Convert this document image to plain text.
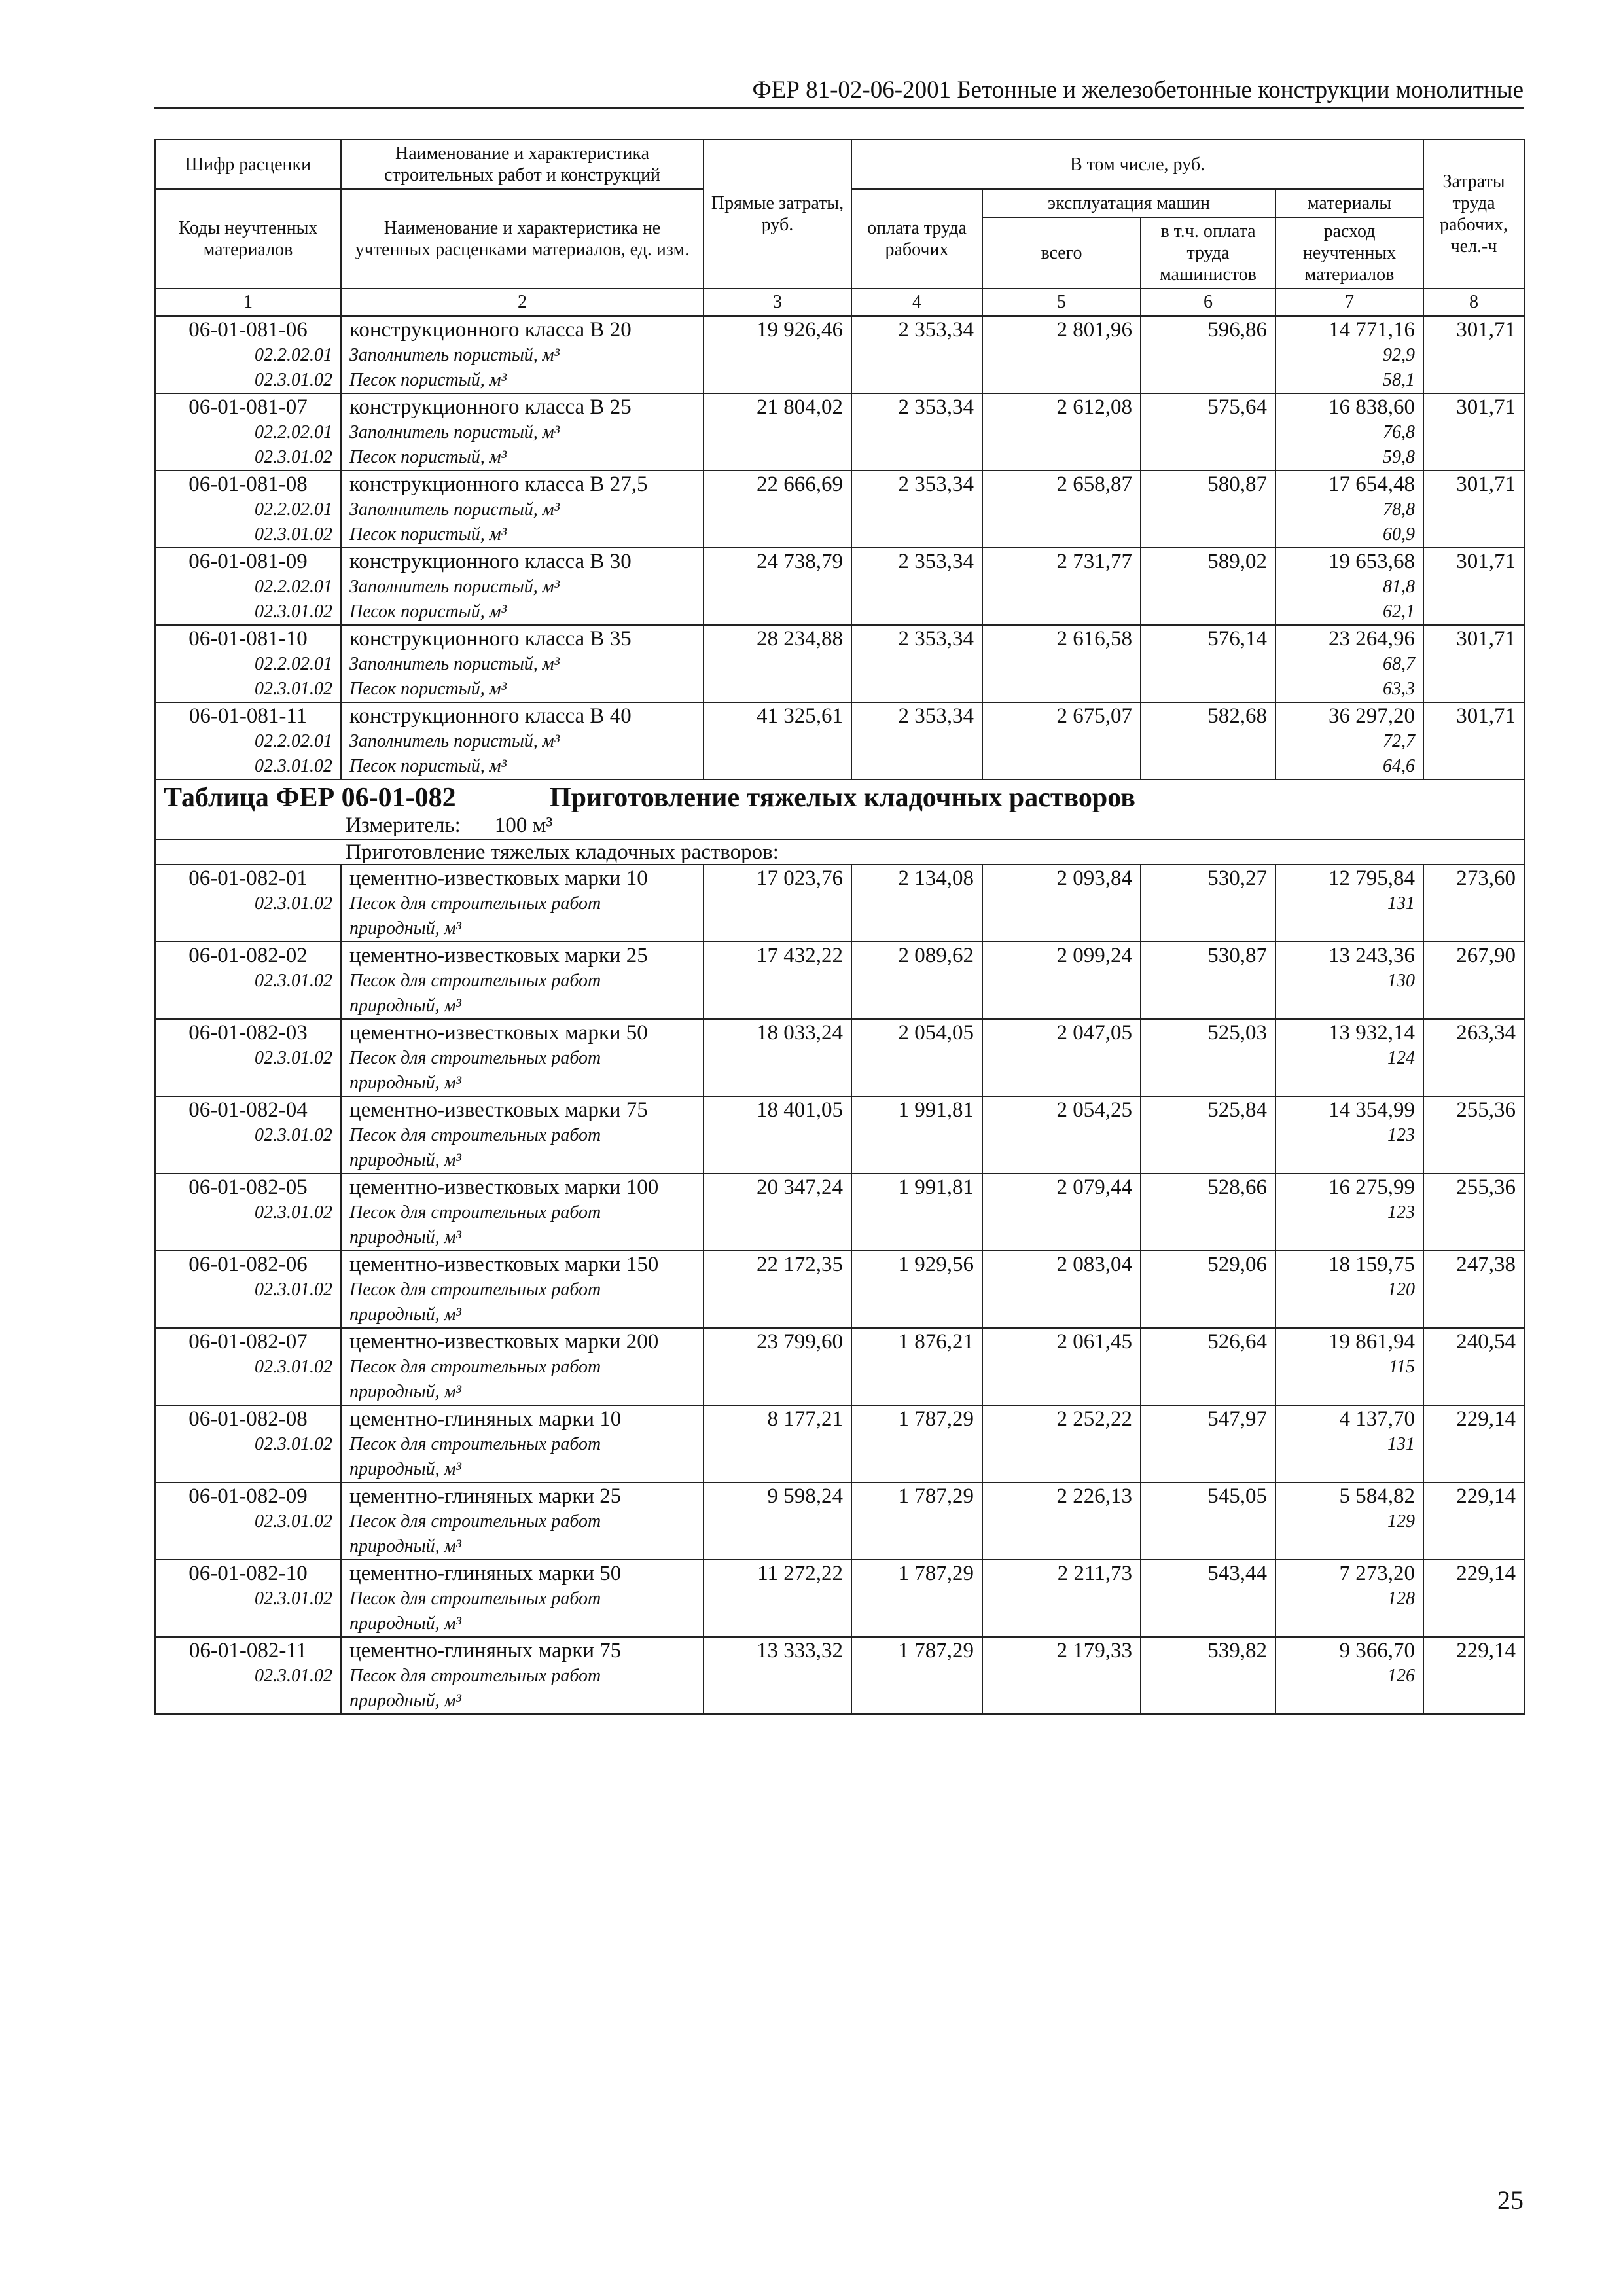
ФЕР 81-02-06-2001 Бетонные и железобетонные конструкции монолитные
Шифр расценки	Наименование и характеристика строительных работ и конструкций	Прямые затраты, руб.	В том числе, руб.				Затраты труда рабочих, чел.-ч
Коды неучтенных материалов	Наименование и характеристика не учтенных расценками материалов, ед. изм.						
			оплата труда рабочих	эксплуатация машин		материалы	
				всего	в т.ч. оплата труда машинистов	расход неучтенных материалов	
1	2	3	4	5	6	7	8
06-01-081-06	конструкционного класса В 20	19 926,46	2 353,34	2 801,96	596,86	14 771,16	301,71
02.2.02.01	Заполнитель пористый, м³					92,9	
02.3.01.02	Песок пористый, м³					58,1	
06-01-081-07	конструкционного класса В 25	21 804,02	2 353,34	2 612,08	575,64	16 838,60	301,71
02.2.02.01	Заполнитель пористый, м³					76,8	
02.3.01.02	Песок пористый, м³					59,8	
06-01-081-08	конструкционного класса В 27,5	22 666,69	2 353,34	2 658,87	580,87	17 654,48	301,71
02.2.02.01	Заполнитель пористый, м³					78,8	
02.3.01.02	Песок пористый, м³					60,9	
06-01-081-09	конструкционного класса В 30	24 738,79	2 353,34	2 731,77	589,02	19 653,68	301,71
02.2.02.01	Заполнитель пористый, м³					81,8	
02.3.01.02	Песок пористый, м³					62,1	
06-01-081-10	конструкционного класса В 35	28 234,88	2 353,34	2 616,58	576,14	23 264,96	301,71
02.2.02.01	Заполнитель пористый, м³					68,7	
02.3.01.02	Песок пористый, м³					63,3	
06-01-081-11	конструкционного класса В 40	41 325,61	2 353,34	2 675,07	582,68	36 297,20	301,71
02.2.02.01	Заполнитель пористый, м³					72,7	
02.3.01.02	Песок пористый, м³					64,6	

Таблица ФЕР 06-01-082 Приготовление тяжелых кладочных растворов
Измеритель: 100 м³							

Приготовление тяжелых кладочных растворов:							
06-01-082-01	цементно-известковых марки 10	17 023,76	2 134,08	2 093,84	530,27	12 795,84	273,60
02.3.01.02	Песок для строительных работ природный, м³					131	
06-01-082-02	цементно-известковых марки 25	17 432,22	2 089,62	2 099,24	530,87	13 243,36	267,90
02.3.01.02	Песок для строительных работ природный, м³					130	
06-01-082-03	цементно-известковых марки 50	18 033,24	2 054,05	2 047,05	525,03	13 932,14	263,34
02.3.01.02	Песок для строительных работ природный, м³					124	
06-01-082-04	цементно-известковых марки 75	18 401,05	1 991,81	2 054,25	525,84	14 354,99	255,36
02.3.01.02	Песок для строительных работ природный, м³					123	
06-01-082-05	цементно-известковых марки 100	20 347,24	1 991,81	2 079,44	528,66	16 275,99	255,36
02.3.01.02	Песок для строительных работ природный, м³					123	
06-01-082-06	цементно-известковых марки 150	22 172,35	1 929,56	2 083,04	529,06	18 159,75	247,38
02.3.01.02	Песок для строительных работ природный, м³					120	
06-01-082-07	цементно-известковых марки 200	23 799,60	1 876,21	2 061,45	526,64	19 861,94	240,54
02.3.01.02	Песок для строительных работ природный, м³					115	
06-01-082-08	цементно-глиняных марки 10	8 177,21	1 787,29	2 252,22	547,97	4 137,70	229,14
02.3.01.02	Песок для строительных работ природный, м³					131	
06-01-082-09	цементно-глиняных марки 25	9 598,24	1 787,29	2 226,13	545,05	5 584,82	229,14
02.3.01.02	Песок для строительных работ природный, м³					129	
06-01-082-10	цементно-глиняных марки 50	11 272,22	1 787,29	2 211,73	543,44	7 273,20	229,14
02.3.01.02	Песок для строительных работ природный, м³					128	
06-01-082-11	цементно-глиняных марки 75	13 333,32	1 787,29	2 179,33	539,82	9 366,70	229,14
02.3.01.02	Песок для строительных работ природный, м³					126	
25
